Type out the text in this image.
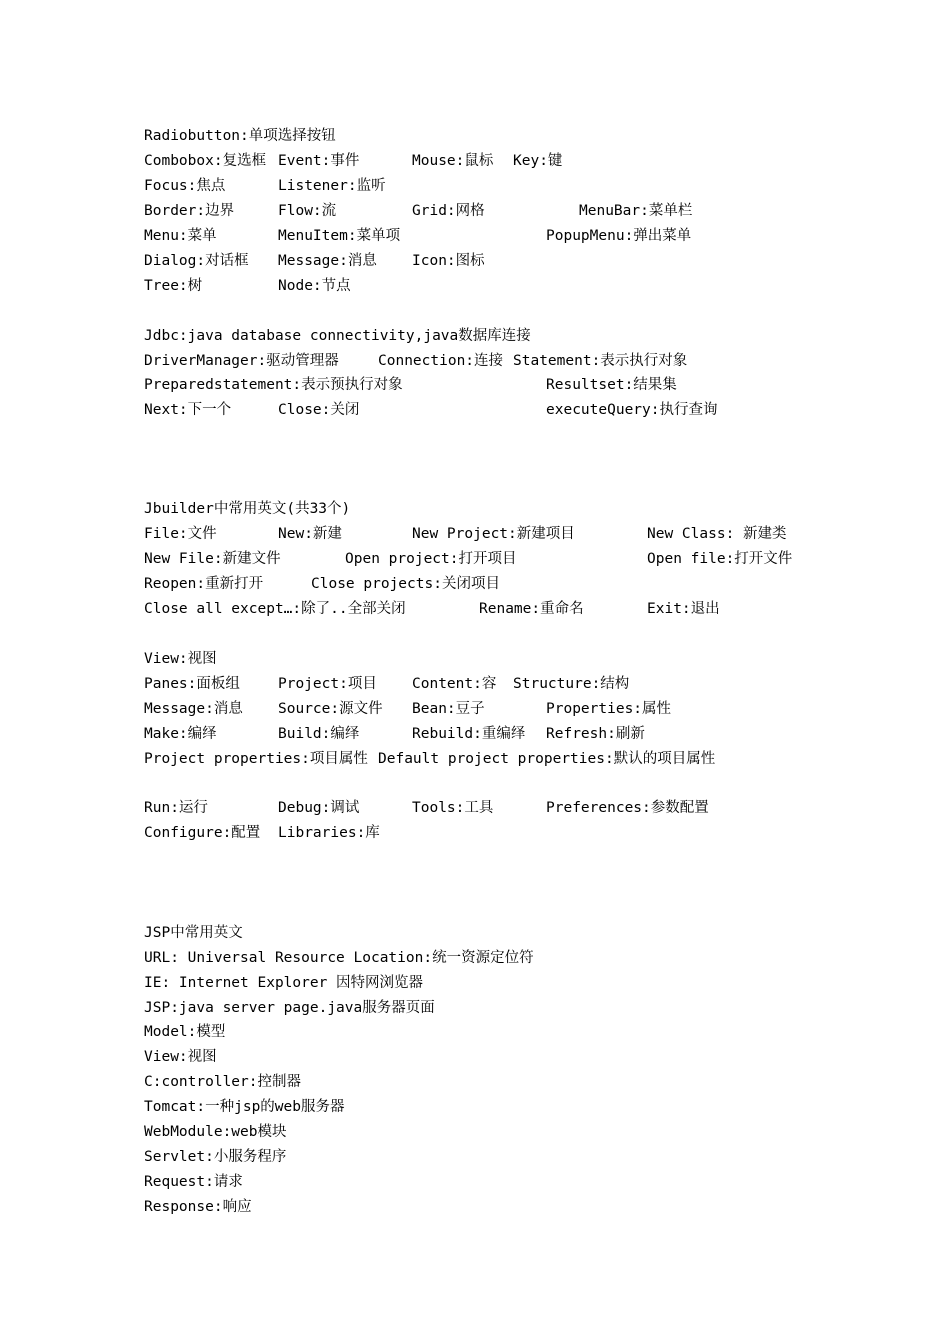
Radiobutton:单项选择按钮
Combobox:复选框 Event:事件	Mouse:鼠标 Key:键
Focus:焦点	Listener:监听
Border:边界	Flow:流	Grid:网格	MenuBar:菜单栏
Menu:菜单	MenuItem:菜单项	PopupMenu:弹出菜单
Dialog:对话框 Message:消息 Icon:图标
Tree:树	Node:节点
Jdbc:java database connectivity,java数据库连接
DriverManager:驱动管理器	Connection:连接 Statement:表示执行对象
Preparedstatement:表示预执行对象	Resultset:结果集
Next:下一个	Close:关闭	executeQuery:执行查询
Jbuilder中常用英文(共33个)
File:文件	New:新建	New Project:新建项目	New Class: 新建类
New File:新建文件	Open project:打开项目	Open file:打开文件
Reopen:重新打开	Close projects:关闭项目
Close all except…:除了..全部关闭	Rename:重命名	Exit:退出
View:视图
Panes:面板组	Project:项目 Content:容 Structure:结构
Message:消息 Source:源文件 Bean:豆子	Properties:属性
Make:编绎	Build:编绎	Rebuild:重编绎 Refresh:刷新
Project properties:项目属性 Default project properties:默认的项目属性
Run:运行	Debug:调试	Tools:工具	Preferences:参数配置
Configure:配置 Libraries:库
JSP中常用英文
URL: Universal Resource Location:统一资源定位符
IE: Internet Explorer 因特网浏览器
JSP:java server page.java服务器页面
Model:模型
View:视图
C:controller:控制器
Tomcat:一种jsp的web服务器
WebModule:web模块
Servlet:小服务程序
Request:请求
Response:响应
